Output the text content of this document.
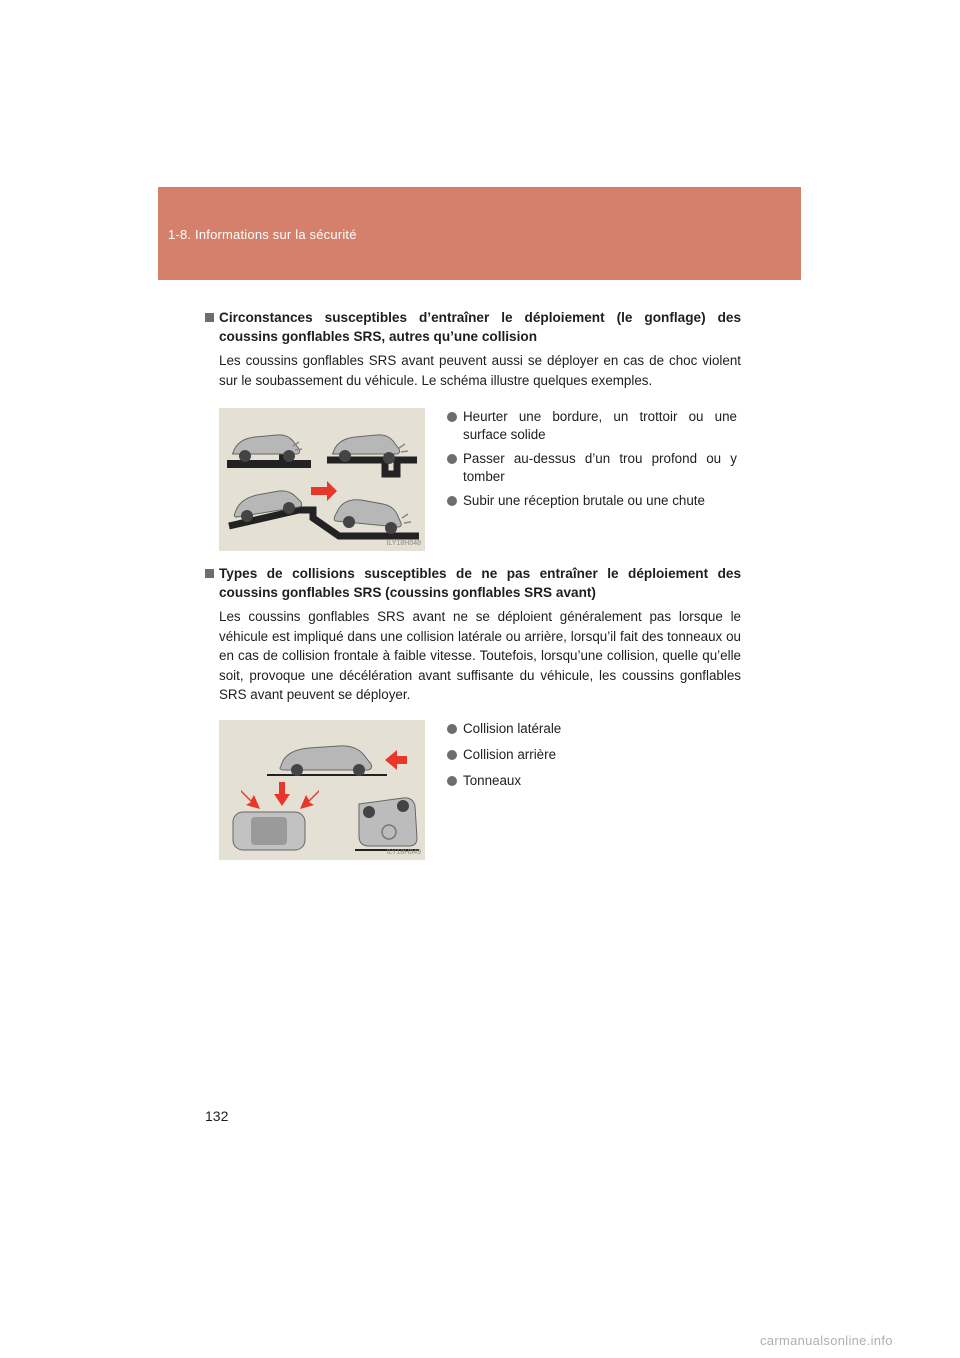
1-8. Informations sur la sécurité
Circonstances susceptibles d’entraîner le déploiement (le gonflage) des coussins gonflables SRS, autres qu’une collision
Les coussins gonflables SRS avant peuvent aussi se déployer en cas de choc violent sur le soubassement du véhicule. Le schéma illustre quelques exemples.
ILY18H048
Heurter une bordure, un trottoir ou une surface solide
Passer au-dessus d’un trou profond ou y tomber
Subir une réception brutale ou une chute
Types de collisions susceptibles de ne pas entraîner le déploiement des coussins gonflables SRS (coussins gonflables SRS avant)
Les coussins gonflables SRS avant ne se déploient généralement pas lorsque le véhicule est impliqué dans une collision latérale ou arrière, lorsqu’il fait des tonneaux ou en cas de collision frontale à faible vitesse. Toutefois, lorsqu’une collision, quelle qu’elle soit, provoque une décélération avant suffisante du véhicule, les coussins gonflables SRS avant peuvent se déployer.
ILY18H049
Collision latérale
Collision arrière
Tonneaux
132
carmanualsonline.info
